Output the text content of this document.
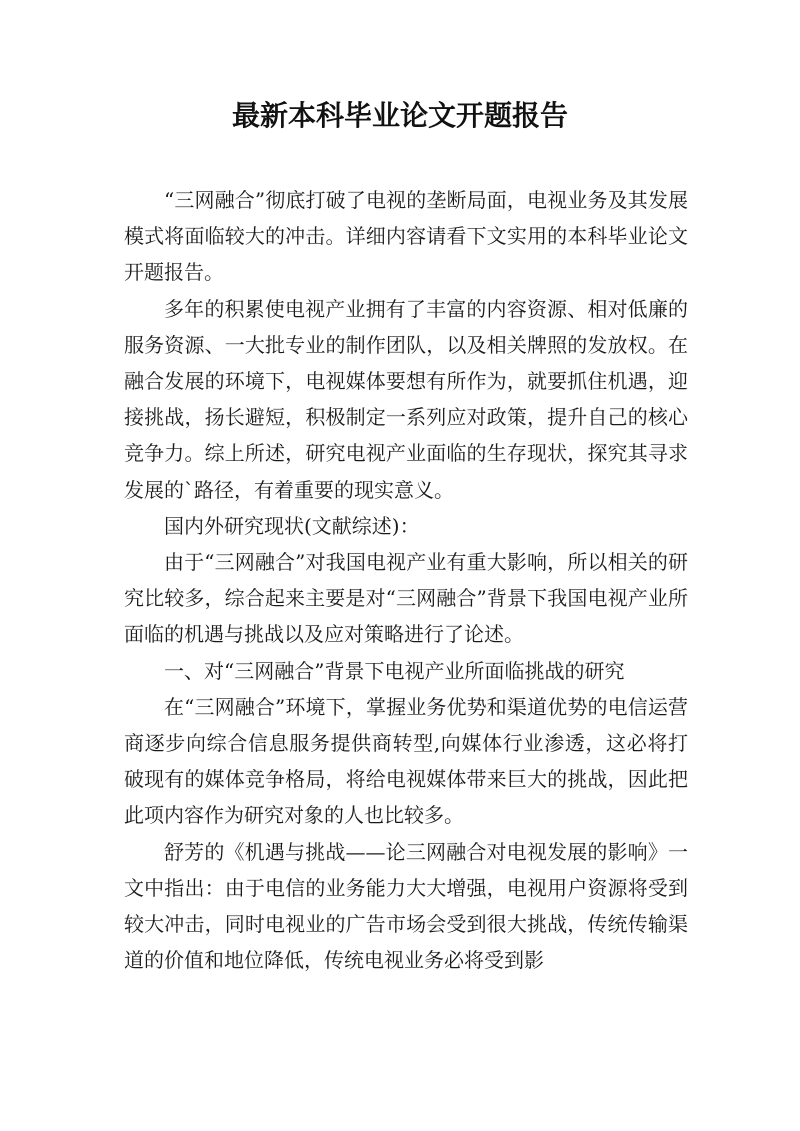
最新本科毕业论文开题报告

“三网融合”彻底打破了电视的垄断局面，电视业务及其发展模式将面临较大的冲击。详细内容请看下文实用的本科毕业论文开题报告。

多年的积累使电视产业拥有了丰富的内容资源、相对低廉的服务资源、一大批专业的制作团队，以及相关牌照的发放权。在融合发展的环境下，电视媒体要想有所作为，就要抓住机遇，迎接挑战，扬长避短，积极制定一系列应对政策，提升自己的核心竞争力。综上所述，研究电视产业面临的生存现状，探究其寻求发展的`路径，有着重要的现实意义。

国内外研究现状(文献综述)：

由于“三网融合”对我国电视产业有重大影响，所以相关的研究比较多，综合起来主要是对“三网融合”背景下我国电视产业所面临的机遇与挑战以及应对策略进行了论述。

一、对“三网融合”背景下电视产业所面临挑战的研究

在“三网融合”环境下，掌握业务优势和渠道优势的电信运营商逐步向综合信息服务提供商转型,向媒体行业渗透，这必将打破现有的媒体竞争格局，将给电视媒体带来巨大的挑战，因此把此项内容作为研究对象的人也比较多。

舒芳的《机遇与挑战——论三网融合对电视发展的影响》一文中指出：由于电信的业务能力大大增强，电视用户资源将受到较大冲击，同时电视业的广告市场会受到很大挑战，传统传输渠道的价值和地位降低，传统电视业务必将受到影
